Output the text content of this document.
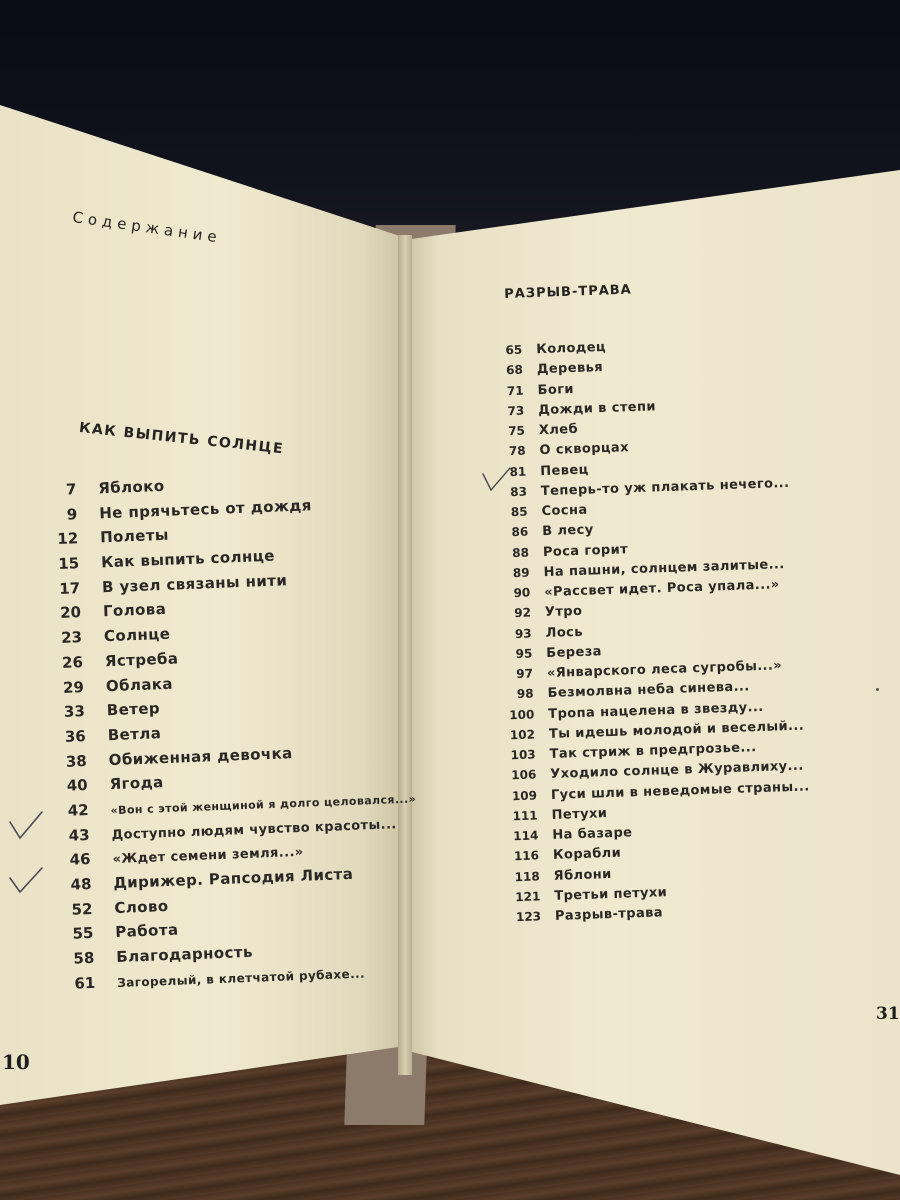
Содержание
КАК ВЫПИТЬ СОЛНЦЕ
7 Яблоко
9 Не прячьтесь от дождя
12 Полеты
15 Как выпить солнце
17 В узел связаны нити
20 Голова
23 Солнце
26 Ястреба
29 Облака
33 Ветер
36 Ветла
38 Обиженная девочка
40 Ягода
42 «Вон с этой женщиной я долго целовался...»
43 Доступно людям чувство красоты...
46 «Ждет семени земля...»
48 Дирижер. Рапсодия Листа
52 Слово
55 Работа
58 Благодарность
61 Загорелый, в клетчатой рубахе...
10
РАЗРЫВ-ТРАВА
65 Колодец
68 Деревья
71 Боги
73 Дожди в степи
75 Хлеб
78 О скворцах
81 Певец
83 Теперь-то уж плакать нечего...
85 Сосна
86 В лесу
88 Роса горит
89 На пашни, солнцем залитые...
90 «Рассвет идет. Роса упала...»
92 Утро
93 Лось
95 Береза
97 «Январского леса сугробы...»
98 Безмолвна неба синева...
100 Тропа нацелена в звезду...
102 Ты идешь молодой и веселый...
103 Так стриж в предгрозье...
106 Уходило солнце в Журавлиху...
109 Гуси шли в неведомые страны...
111 Петухи
114 На базаре
116 Корабли
118 Яблони
121 Третьи петухи
123 Разрыв-трава
31
